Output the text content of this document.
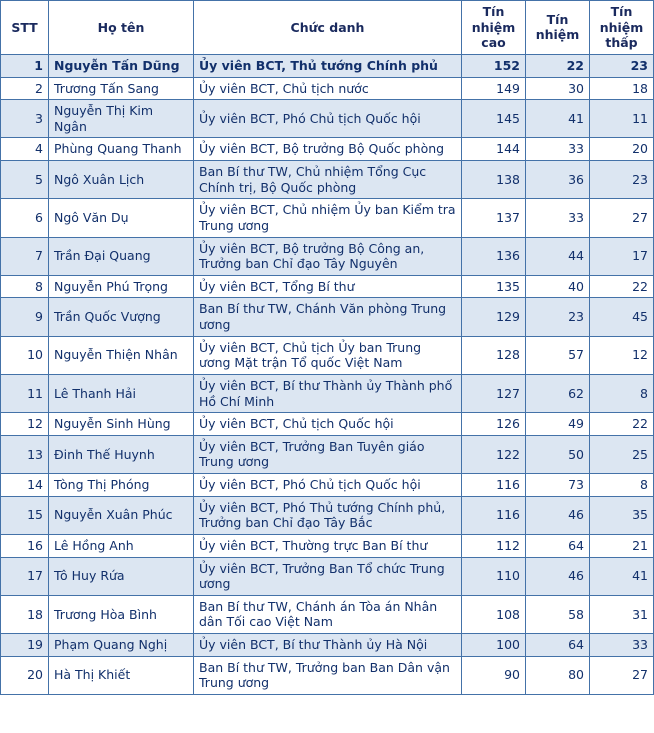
STT	Họ tên	Chức danh	Tín nhiệm cao	Tín nhiệm	Tín nhiệm thấp
1	Nguyễn Tấn Dũng	Ủy viên BCT, Thủ tướng Chính phủ	152	22	23
2	Trương Tấn Sang	Ủy viên BCT, Chủ tịch nước	149	30	18
3	Nguyễn Thị Kim Ngân	Ủy viên BCT, Phó Chủ tịch Quốc hội	145	41	11
4	Phùng Quang Thanh	Ủy viên BCT, Bộ trưởng Bộ Quốc phòng	144	33	20
5	Ngô Xuân Lịch	Ban Bí thư TW, Chủ nhiệm Tổng Cục Chính trị, Bộ Quốc phòng	138	36	23
6	Ngô Văn Dụ	Ủy viên BCT, Chủ nhiệm Ủy ban Kiểm tra Trung ương	137	33	27
7	Trần Đại Quang	Ủy viên BCT, Bộ trưởng Bộ Công an, Trưởng ban Chỉ đạo Tây Nguyên	136	44	17
8	Nguyễn Phú Trọng	Ủy viên BCT, Tổng Bí thư	135	40	22
9	Trần Quốc Vượng	Ban Bí thư TW, Chánh Văn phòng Trung ương	129	23	45
10	Nguyễn Thiện Nhân	Ủy viên BCT, Chủ tịch Ủy ban Trung ương Mặt trận Tổ quốc Việt Nam	128	57	12
11	Lê Thanh Hải	Ủy viên BCT, Bí thư Thành ủy Thành phố Hồ Chí Minh	127	62	8
12	Nguyễn Sinh Hùng	Ủy viên BCT, Chủ tịch Quốc hội	126	49	22
13	Đinh Thế Huynh	Ủy viên BCT, Trưởng Ban Tuyên giáo Trung ương	122	50	25
14	Tòng Thị Phóng	Ủy viên BCT, Phó Chủ tịch Quốc hội	116	73	8
15	Nguyễn Xuân Phúc	Ủy viên BCT, Phó Thủ tướng Chính phủ, Trưởng ban Chỉ đạo Tây Bắc	116	46	35
16	Lê Hồng Anh	Ủy viên BCT, Thường trực Ban Bí thư	112	64	21
17	Tô Huy Rứa	Ủy viên BCT, Trưởng Ban Tổ chức Trung ương	110	46	41
18	Trương Hòa Bình	Ban Bí thư TW, Chánh án Tòa án Nhân dân Tối cao Việt Nam	108	58	31
19	Phạm Quang Nghị	Ủy viên BCT, Bí thư Thành ủy Hà Nội	100	64	33
20	Hà Thị Khiết	Ban Bí thư TW, Trưởng ban Ban Dân vận Trung ương	90	80	27
